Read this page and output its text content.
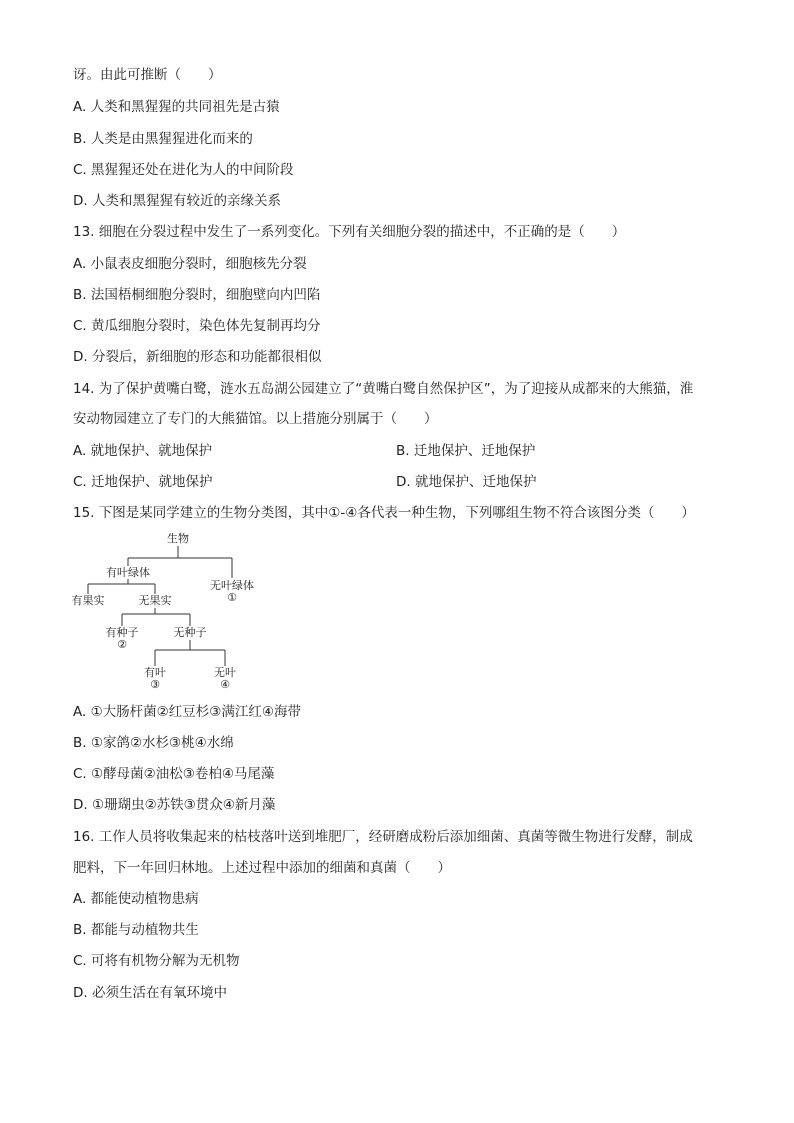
讶。由此可推断（　　）
A. 人类和黑猩猩的共同祖先是古猿
B. 人类是由黑猩猩进化而来的
C. 黑猩猩还处在进化为人的中间阶段
D. 人类和黑猩猩有较近的亲缘关系
13. 细胞在分裂过程中发生了一系列变化。下列有关细胞分裂的描述中，不正确的是（　　）
A. 小鼠表皮细胞分裂时，细胞核先分裂
B. 法国梧桐细胞分裂时，细胞壁向内凹陷
C. 黄瓜细胞分裂时，染色体先复制再均分
D. 分裂后，新细胞的形态和功能都很相似
14. 为了保护黄嘴白鹭，涟水五岛湖公园建立了“黄嘴白鹭自然保护区”，为了迎接从成都来的大熊猫，淮
安动物园建立了专门的大熊猫馆。以上措施分别属于（　　）
A. 就地保护、就地保护	B. 迁地保护、迁地保护
C. 迁地保护、就地保护	D. 就地保护、迁地保护
15. 下图是某同学建立的生物分类图，其中①-④各代表一种生物，下列哪组生物不符合该图分类（　　）
生物
有叶绿体
无叶绿体
①
有果实	无果实
有种子
②
无种子
有叶
③
无叶
④
A. ①大肠杆菌②红豆杉③满江红④海带
B. ①家鸽②水杉③桃④水绵
C. ①酵母菌②油松③卷柏④马尾藻
D. ①珊瑚虫②苏铁③贯众④新月藻
16. 工作人员将收集起来的枯枝落叶送到堆肥厂，经研磨成粉后添加细菌、真菌等微生物进行发酵，制成
肥料，下一年回归林地。上述过程中添加的细菌和真菌（　　）
A. 都能使动植物患病
B. 都能与动植物共生
C. 可将有机物分解为无机物
D. 必须生活在有氧环境中
